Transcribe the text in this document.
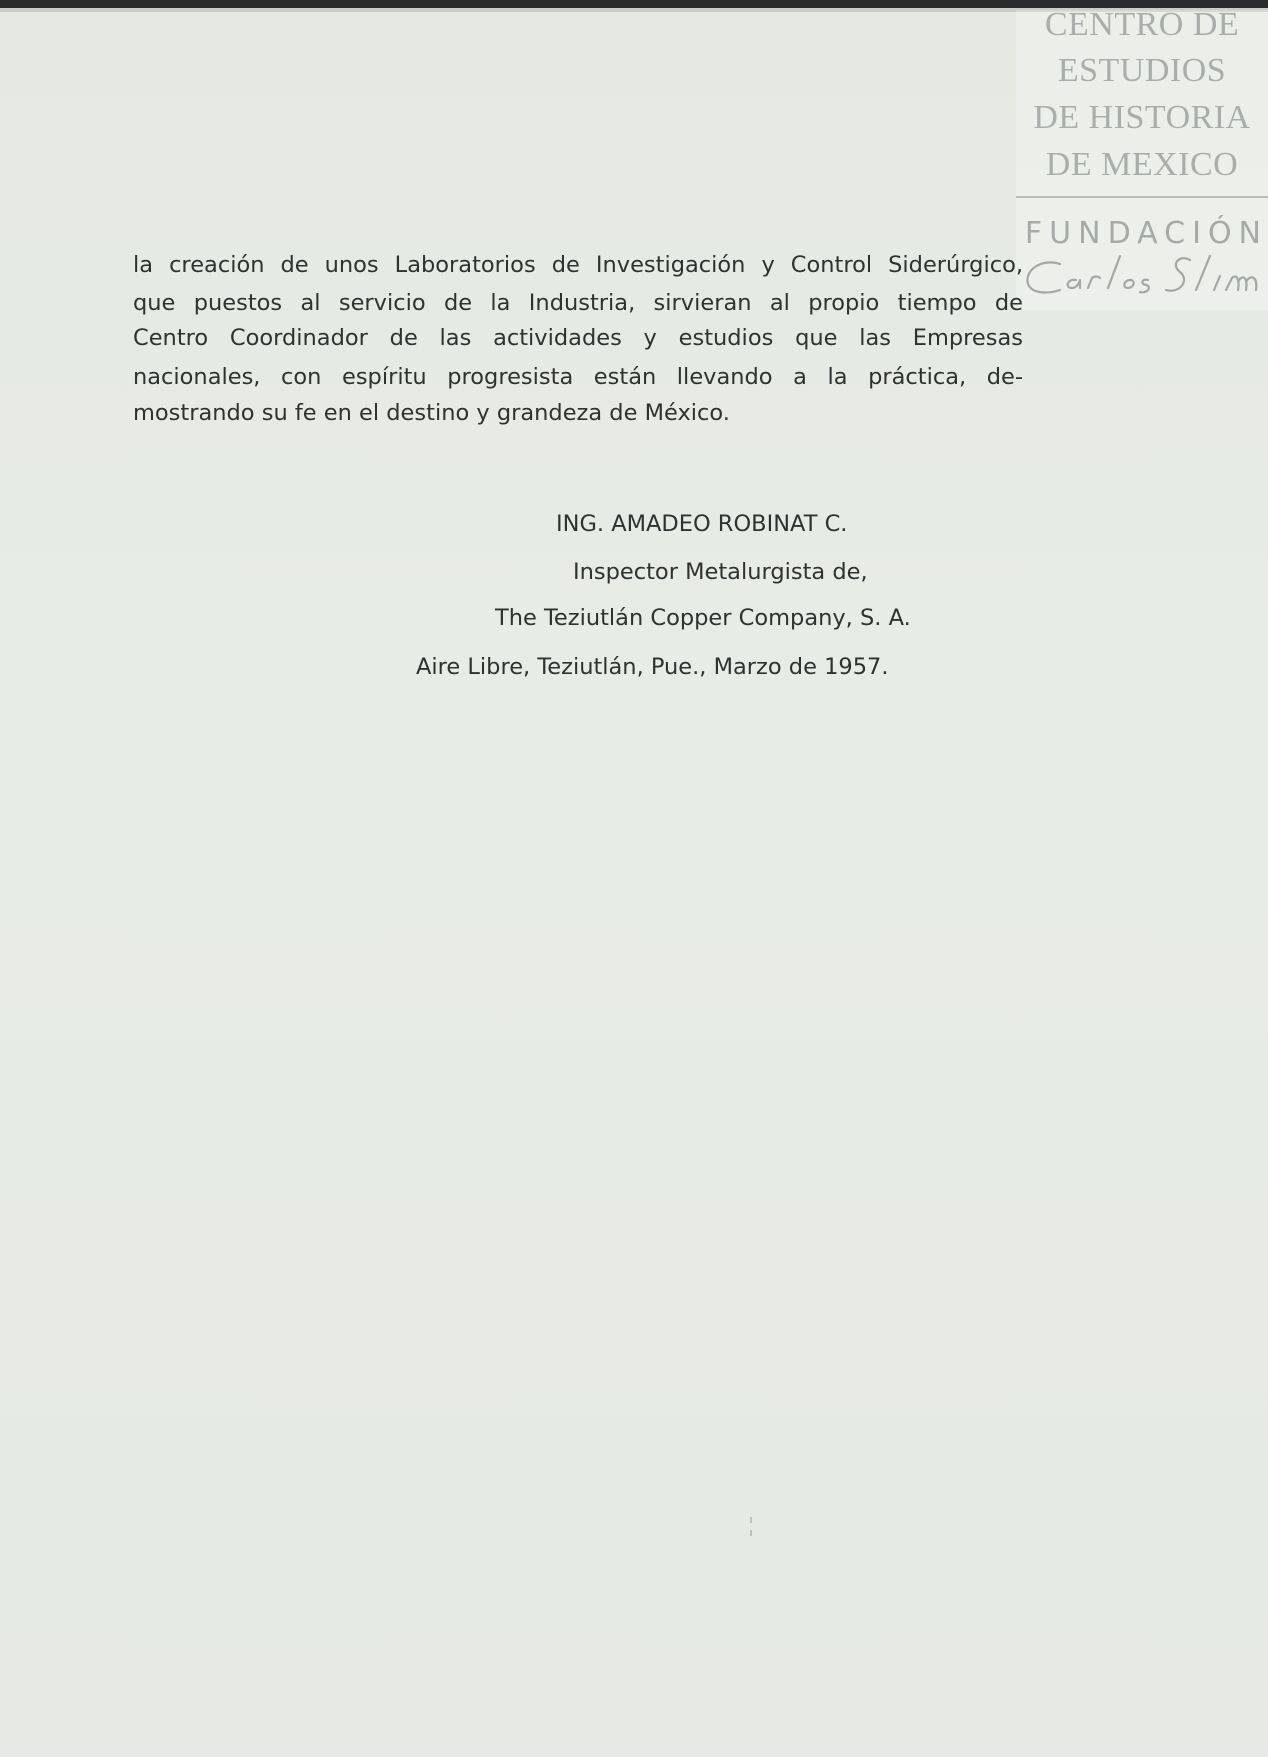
CENTRO DE
ESTUDIOS
DE HISTORIA
DE MEXICO
FUNDACIÓN
la creación de unos Laboratorios de Investigación y Control Siderúrgico,
que puestos al servicio de la Industria, sirvieran al propio tiempo de
Centro Coordinador de las actividades y estudios que las Empresas
nacionales, con espíritu progresista están llevando a la práctica, de-
mostrando su fe en el destino y grandeza de México.
ING. AMADEO ROBINAT C.
Inspector Metalurgista de,
The Teziutlán Copper Company, S. A.
Aire Libre, Teziutlán, Pue., Marzo de 1957.
